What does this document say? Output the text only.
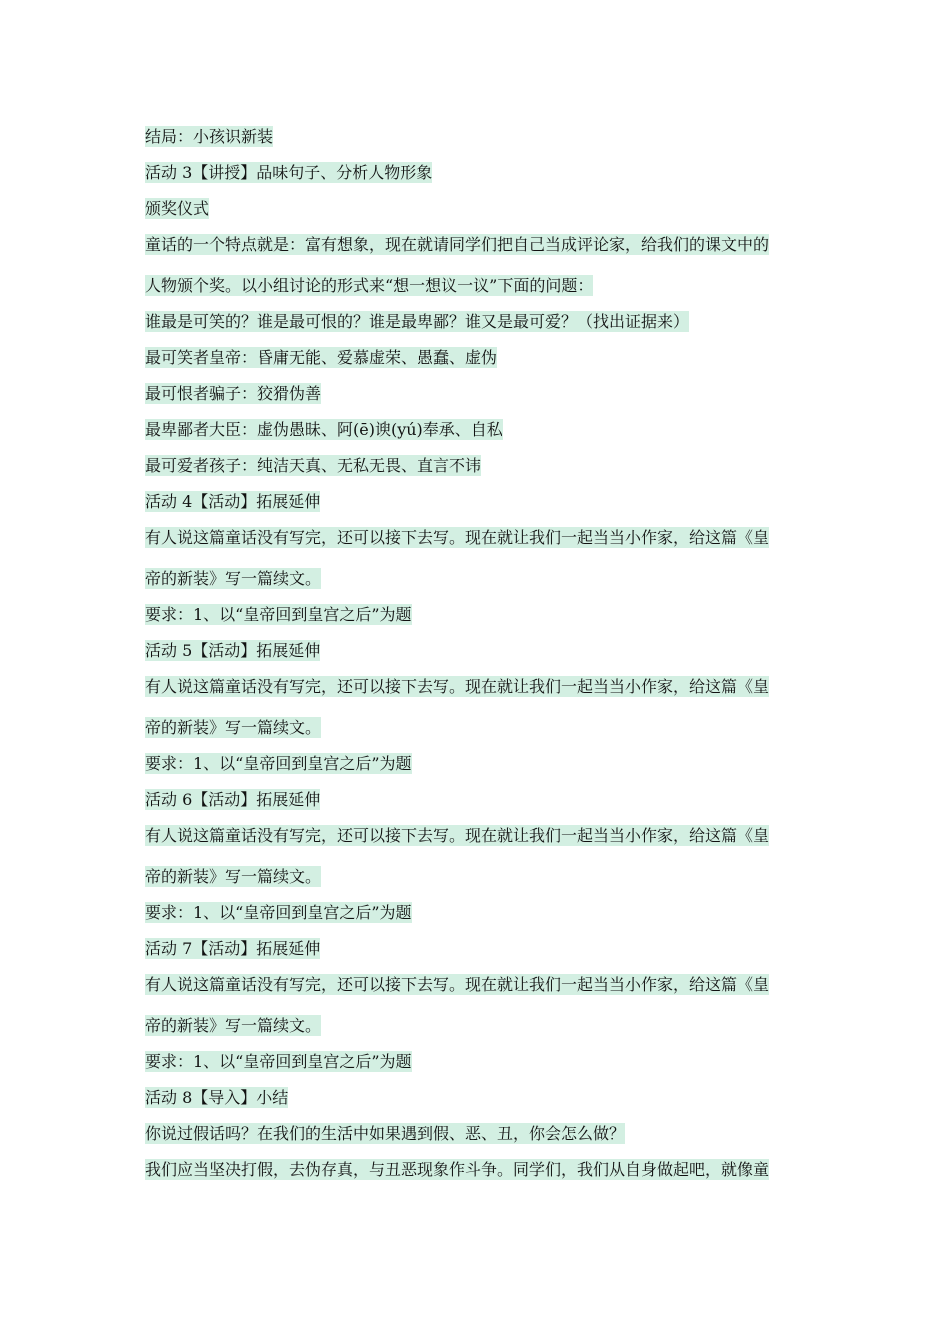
结局：小孩识新装
活动 3【讲授】品味句子、分析人物形象
颁奖仪式
童话的一个特点就是：富有想象，现在就请同学们把自己当成评论家，给我们的课文中的
人物颁个奖。以小组讨论的形式来“想一想议一议”下面的问题：
谁最是可笑的？谁是最可恨的？谁是最卑鄙？谁又是最可爱？（找出证据来）
最可笑者皇帝：昏庸无能、爱慕虚荣、愚蠢、虚伪
最可恨者骗子：狡猾伪善
最卑鄙者大臣：虚伪愚昧、阿(ē)谀(yú)奉承、自私
最可爱者孩子：纯洁天真、无私无畏、直言不讳
活动 4【活动】拓展延伸
有人说这篇童话没有写完，还可以接下去写。现在就让我们一起当当小作家，给这篇《皇
帝的新装》写一篇续文。
要求：1、以“皇帝回到皇宫之后”为题
活动 5【活动】拓展延伸
有人说这篇童话没有写完，还可以接下去写。现在就让我们一起当当小作家，给这篇《皇
帝的新装》写一篇续文。
要求：1、以“皇帝回到皇宫之后”为题
活动 6【活动】拓展延伸
有人说这篇童话没有写完，还可以接下去写。现在就让我们一起当当小作家，给这篇《皇
帝的新装》写一篇续文。
要求：1、以“皇帝回到皇宫之后”为题
活动 7【活动】拓展延伸
有人说这篇童话没有写完，还可以接下去写。现在就让我们一起当当小作家，给这篇《皇
帝的新装》写一篇续文。
要求：1、以“皇帝回到皇宫之后”为题
活动 8【导入】小结
你说过假话吗？在我们的生活中如果遇到假、恶、丑，你会怎么做？
我们应当坚决打假，去伪存真，与丑恶现象作斗争。同学们，我们从自身做起吧，就像童
